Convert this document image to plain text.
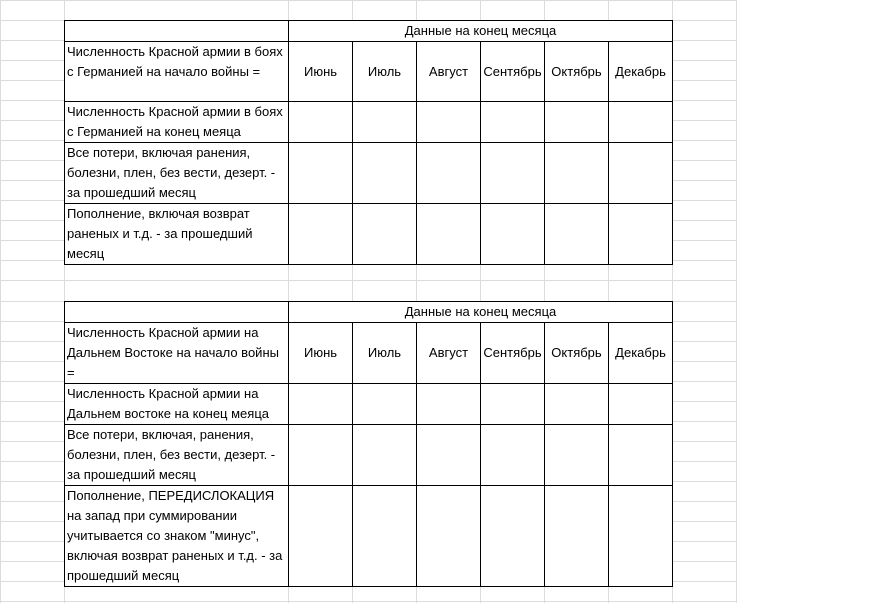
	Данные на конец месяца					
Численность Красной армии в боях с Германией на начало войны =	Июнь	Июль	Август	Сентябрь	Октябрь	Декабрь
Численность Красной армии в боях с Германией на конец меяца						
Все потери, включая ранения, болезни, плен, без вести, дезерт. - за прошедший месяц						
Пополнение, включая возврат раненых и т.д. - за прошедший месяц						
	Данные на конец месяца					
Численность Красной армии на Дальнем Востоке на начало войны =	Июнь	Июль	Август	Сентябрь	Октябрь	Декабрь
Численность Красной армии на Дальнем востоке на конец меяца						
Все потери, включая, ранения, болезни, плен, без вести, дезерт. - за прошедший месяц						
Пополнение, ПЕРЕДИСЛОКАЦИЯ на запад при суммировании учитывается со знаком "минус", включая возврат раненых и т.д. - за прошедший месяц						
